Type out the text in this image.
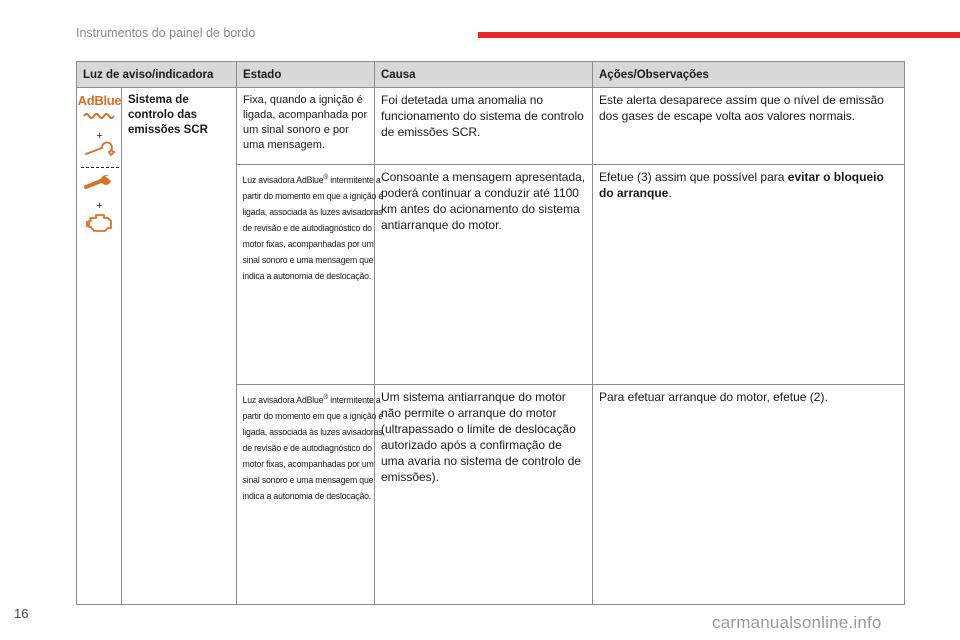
Instrumentos do painel de bordo
Luz de aviso/indicadora		Estado	Causa	Ações/Observações

AdBlue
+
+	Sistema de controlo das emissões SCR	Fixa, quando a ignição é ligada, acompanhada por um sinal sonoro e por uma mensagem.	Foi detetada uma anomalia no funcionamento do sistema de controlo de emissões SCR.	Este alerta desaparece assim que o nível de emissão dos gases de escape volta aos valores normais.

		Luz avisadora AdBlue® intermitente a partir do momento em que a ignição é ligada, associada às luzes avisadoras de revisão e de autodiagnóstico do motor fixas, acompanhadas por um sinal sonoro e uma mensagem que indica a autonomia de deslocação.	Consoante a mensagem apresentada, poderá continuar a conduzir até 1100 km antes do acionamento do sistema antiarranque do motor.	Efetue (3) assim que possível para evitar o bloqueio do arranque.

		Luz avisadora AdBlue® intermitente a partir do momento em que a ignição é ligada, associada às luzes avisadoras de revisão e de autodiagnóstico do motor fixas, acompanhadas por um sinal sonoro e uma mensagem que indica a autonomia de deslocação.	Um sistema antiarranque do motor não permite o arranque do motor (ultrapassado o limite de deslocação autorizado após a confirmação de uma avaria no sistema de controlo de emissões).	Para efetuar arranque do motor, efetue (2).
16	carmanualsonline.info
